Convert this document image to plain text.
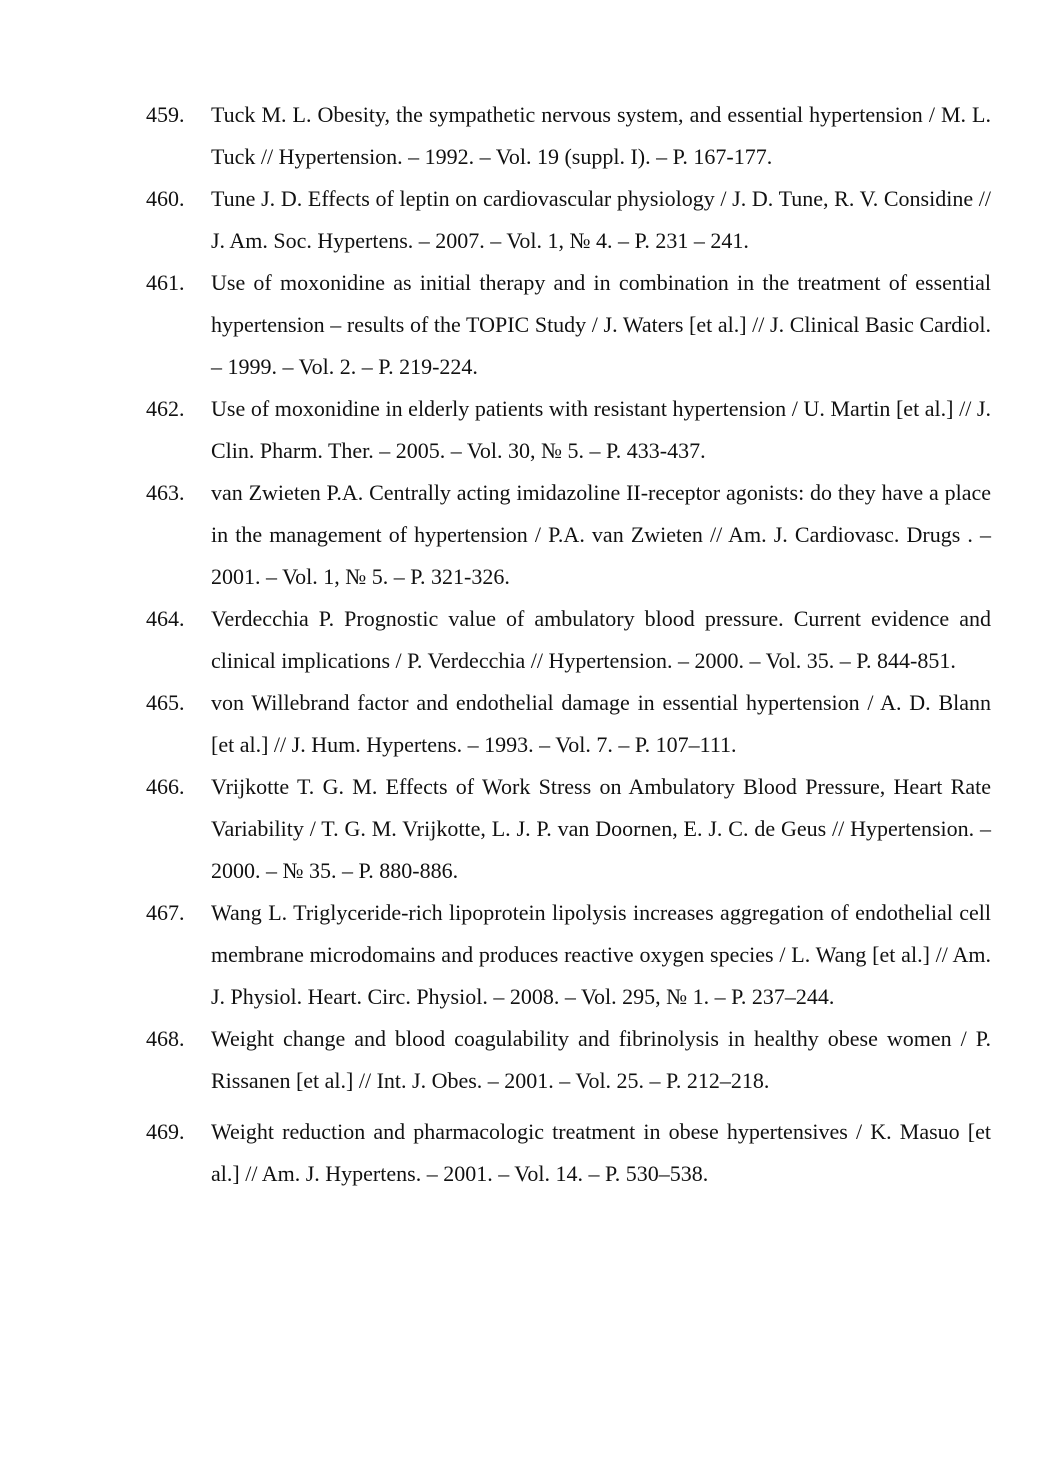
459.	Tuck M. L. Obesity, the sympathetic nervous system, and essential hypertension / M. L. Tuck // Hypertension. – 1992. – Vol. 19 (suppl. I). – P. 167-177.
460.	Tune J. D. Effects of leptin on cardiovascular physiology / J. D. Tune, R. V. Considine // J. Am. Soc. Hypertens. – 2007. – Vol. 1, № 4. – P. 231 – 241.
461.	Use of moxonidine as initial therapy and in combination in the treatment of essential hypertension – results of the TOPIC Study / J. Waters [et al.] // J. Clinical Basic Cardiol. – 1999. – Vol. 2. – P. 219-224.
462.	Use of moxonidine in elderly patients with resistant hypertension / U. Martin [et al.] // J. Clin. Pharm. Ther. – 2005. – Vol. 30, № 5. – P. 433-437.
463.	van Zwieten P.A. Centrally acting imidazoline II-receptor agonists: do they have a place in the management of hypertension / P.A. van Zwieten // Am. J. Cardiovasc. Drugs . – 2001. – Vol. 1, № 5. – P. 321-326.
464.	Verdecchia P. Prognostic value of ambulatory blood pressure. Current evidence and clinical implications / P. Verdecchia // Hypertension. – 2000. – Vol. 35. – P. 844-851.
465.	von Willebrand factor and endothelial damage in essential hypertension / A. D. Blann [et al.] // J. Hum. Hypertens. – 1993. – Vol. 7. – P. 107–111.
466.	Vrijkotte T. G. M. Effects of Work Stress on Ambulatory Blood Pressure, Heart Rate Variability / T. G. M. Vrijkotte, L. J. P. van Doornen, E. J. C. de Geus // Hypertension. – 2000. – № 35. – P. 880-886.
467.	Wang L. Triglyceride-rich lipoprotein lipolysis increases aggregation of endothelial cell membrane microdomains and produces reactive oxygen species / L. Wang [et al.] // Am. J. Physiol. Heart. Circ. Physiol. – 2008. – Vol. 295, № 1. – P. 237–244.
468.	Weight change and blood coagulability and fibrinolysis in healthy obese women / P. Rissanen [et al.] // Int. J. Obes. – 2001. – Vol. 25. – P. 212–218.
469.	Weight reduction and pharmacologic treatment in obese hypertensives / K. Masuo [et al.] // Am. J. Hypertens. – 2001. – Vol. 14. – P. 530–538.
